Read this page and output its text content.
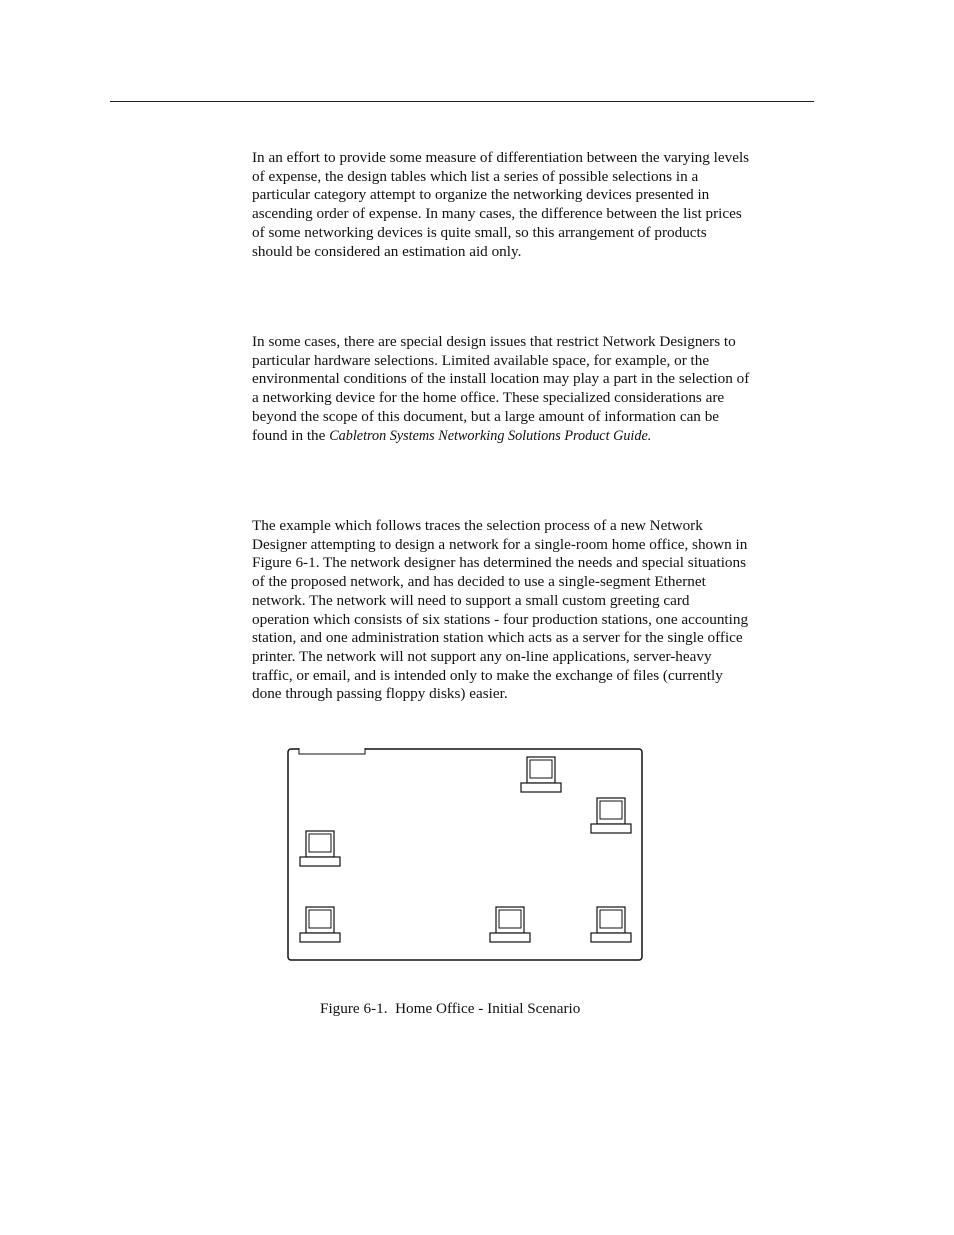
In an effort to provide some measure of differentiation between the varying levels
of expense, the design tables which list a series of possible selections in a
particular category attempt to organize the networking devices presented in
ascending order of expense. In many cases, the difference between the list prices
of some networking devices is quite small, so this arrangement of products
should be considered an estimation aid only.
In some cases, there are special design issues that restrict Network Designers to
particular hardware selections. Limited available space, for example, or the
environmental conditions of the install location may play a part in the selection of
a networking device for the home office. These specialized considerations are
beyond the scope of this document, but a large amount of information can be
found in the Cabletron Systems Networking Solutions Product Guide.
The example which follows traces the selection process of a new Network
Designer attempting to design a network for a single-room home office, shown in
Figure 6-1. The network designer has determined the needs and special situations
of the proposed network, and has decided to use a single-segment Ethernet
network. The network will need to support a small custom greeting card
operation which consists of six stations - four production stations, one accounting
station, and one administration station which acts as a server for the single office
printer. The network will not support any on-line applications, server-heavy
traffic, or email, and is intended only to make the exchange of files (currently
done through passing floppy disks) easier.
Figure 6-1.  Home Office - Initial Scenario
